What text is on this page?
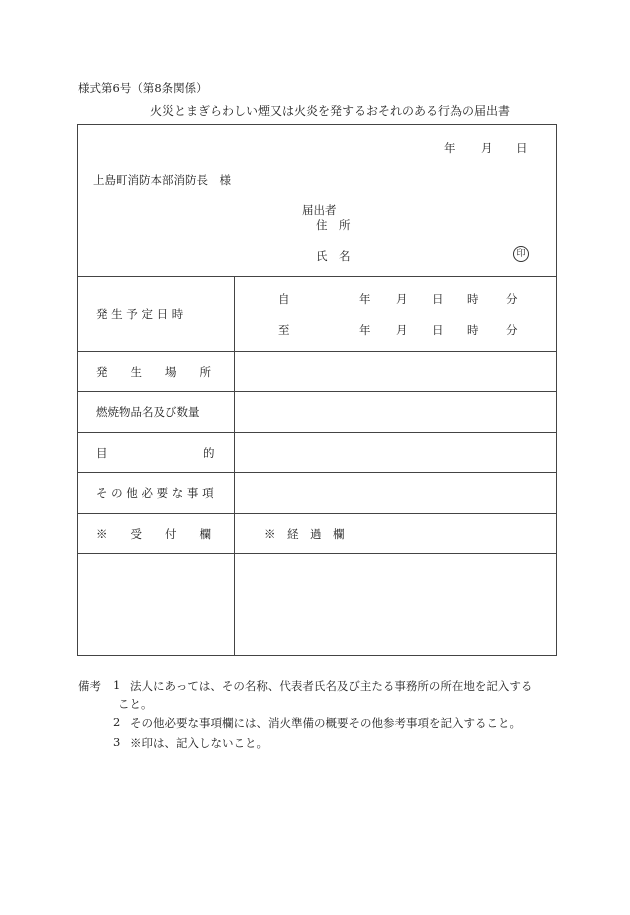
様式第6号（第8条関係）
火災とまぎらわしい煙又は火炎を発するおそれのある行為の届出書
年 月 日
上島町消防本部消防長　様
届出者
住　所
氏　名	印
発 生 予 定 日 時
自	年 月 日 時 分
至	年 月 日 時 分
発　　生　　場　　所
燃焼物品名及び数量
目	的
そ の 他 必 要 な 事 項
※　　受　　付　　欄	※　経　過　欄
備考 1 法人にあっては、その名称、代表者氏名及び主たる事務所の所在地を記入する
こと。
2 その他必要な事項欄には、消火準備の概要その他参考事項を記入すること。
3 ※印は、記入しないこと。
